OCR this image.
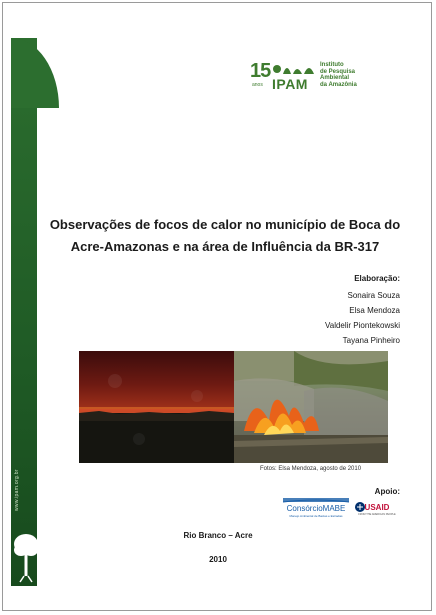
www.ipam.org.br
15
anos IPAM
Instituto
de Pesquisa
Ambiental
da Amazônia
Observações de focos de calor no município de Boca do
Acre-Amazonas e na área de Influência da BR-317
Elaboração:
Sonaira Souza
Elsa Mendoza
Valdelir Piontekowski
Tayana Pinheiro
Fotos: Elsa Mendoza, agosto de 2010
Apoio:
ConsórcioMABE
Manejo Ambiental de Bacias e Estradas
USAID
FROM THE AMERICAN PEOPLE
Rio Branco – Acre
2010
